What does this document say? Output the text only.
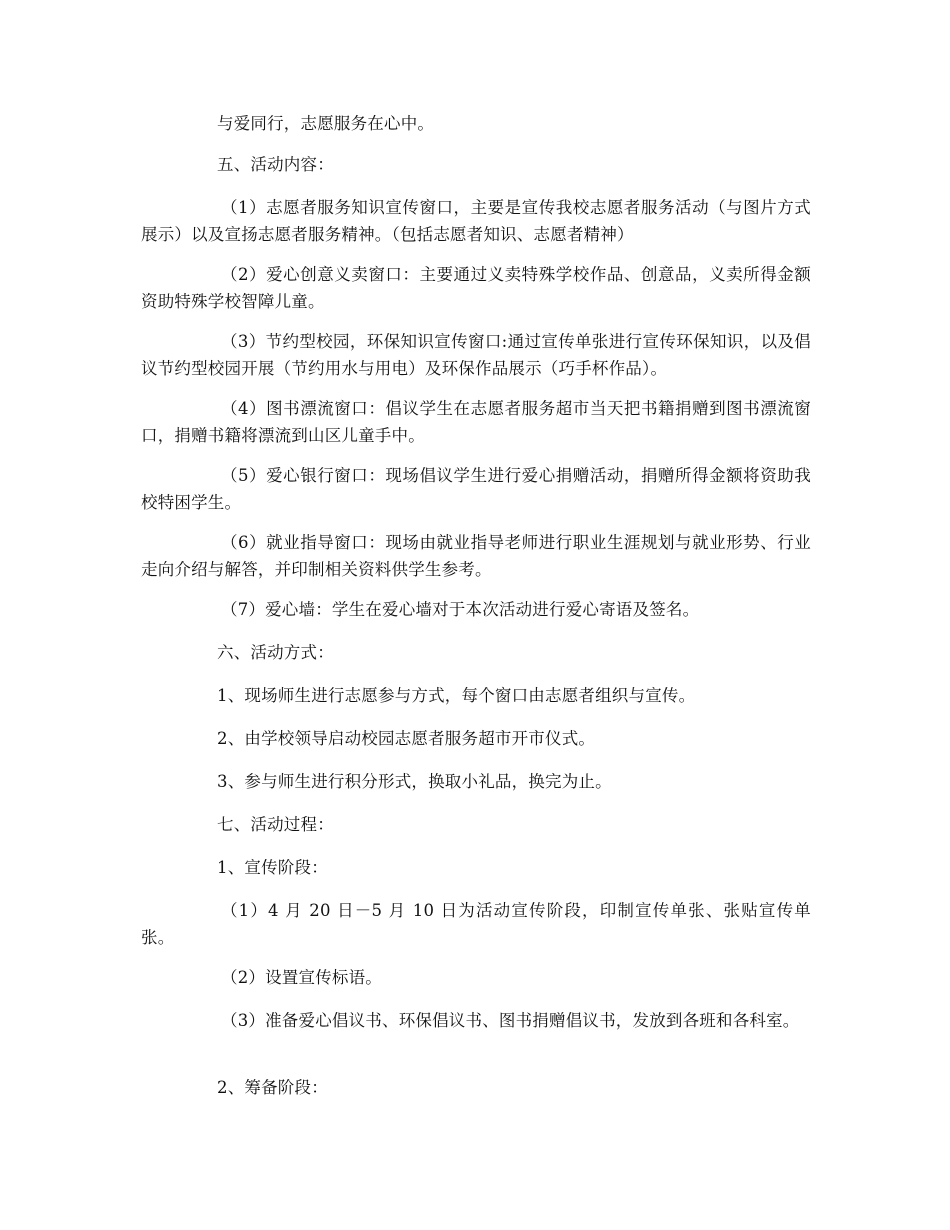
与爱同行，志愿服务在心中。

五、活动内容：

（1）志愿者服务知识宣传窗口，主要是宣传我校志愿者服务活动（与图片方式展示）以及宣扬志愿者服务精神。（包括志愿者知识、志愿者精神）

（2）爱心创意义卖窗口：主要通过义卖特殊学校作品、创意品，义卖所得金额资助特殊学校智障儿童。

（3）节约型校园，环保知识宣传窗口:通过宣传单张进行宣传环保知识，以及倡议节约型校园开展（节约用水与用电）及环保作品展示（巧手杯作品）。

（4）图书漂流窗口：倡议学生在志愿者服务超市当天把书籍捐赠到图书漂流窗口，捐赠书籍将漂流到山区儿童手中。

（5）爱心银行窗口：现场倡议学生进行爱心捐赠活动，捐赠所得金额将资助我校特困学生。

（6）就业指导窗口：现场由就业指导老师进行职业生涯规划与就业形势、行业走向介绍与解答，并印制相关资料供学生参考。

（7）爱心墙：学生在爱心墙对于本次活动进行爱心寄语及签名。

六、活动方式：

1、现场师生进行志愿参与方式，每个窗口由志愿者组织与宣传。

2、由学校领导启动校园志愿者服务超市开市仪式。

3、参与师生进行积分形式，换取小礼品，换完为止。

七、活动过程：

1、宣传阶段：

（1）4 月 20 日－5 月 10 日为活动宣传阶段，印制宣传单张、张贴宣传单张。

（2）设置宣传标语。

（3）准备爱心倡议书、环保倡议书、图书捐赠倡议书，发放到各班和各科室。

2、筹备阶段：
